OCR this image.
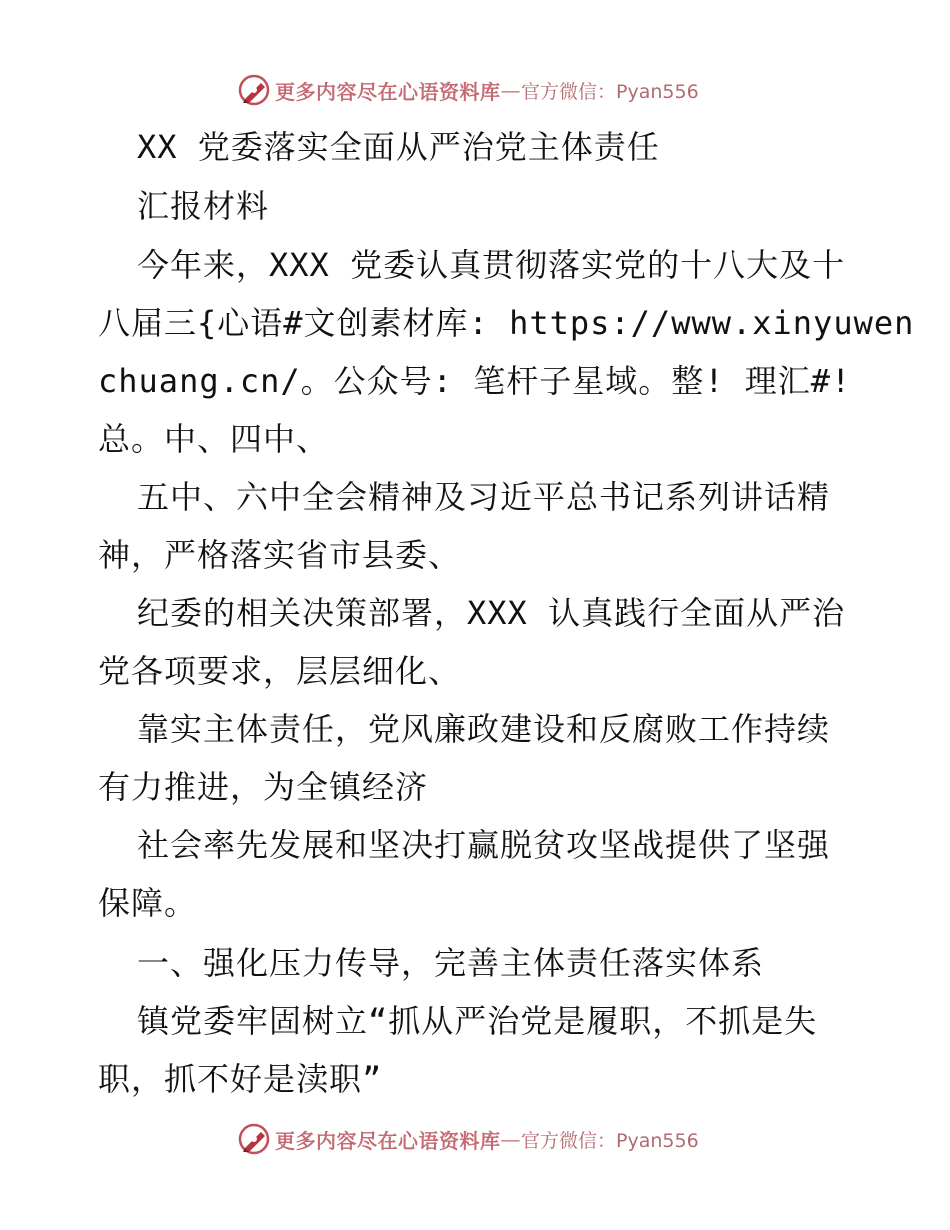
更多内容尽在心语资料库 — 官方微信：Pyan556
XX 党委落实全面从严治党主体责任
汇报材料
今年来，XXX 党委认真贯彻落实党的十八大及十
八届三{心语#文创素材库: https://www.xinyuwen
chuang.cn/。公众号: 笔杆子星域。整! 理汇#!
总。中、四中、
五中、六中全会精神及习近平总书记系列讲话精
神，严格落实省市县委、
纪委的相关决策部署，XXX 认真践行全面从严治
党各项要求，层层细化、
靠实主体责任，党风廉政建设和反腐败工作持续
有力推进，为全镇经济
社会率先发展和坚决打赢脱贫攻坚战提供了坚强
保障。
一、强化压力传导，完善主体责任落实体系
镇党委牢固树立“抓从严治党是履职，不抓是失
职，抓不好是渎职”
更多内容尽在心语资料库 — 官方微信：Pyan556
